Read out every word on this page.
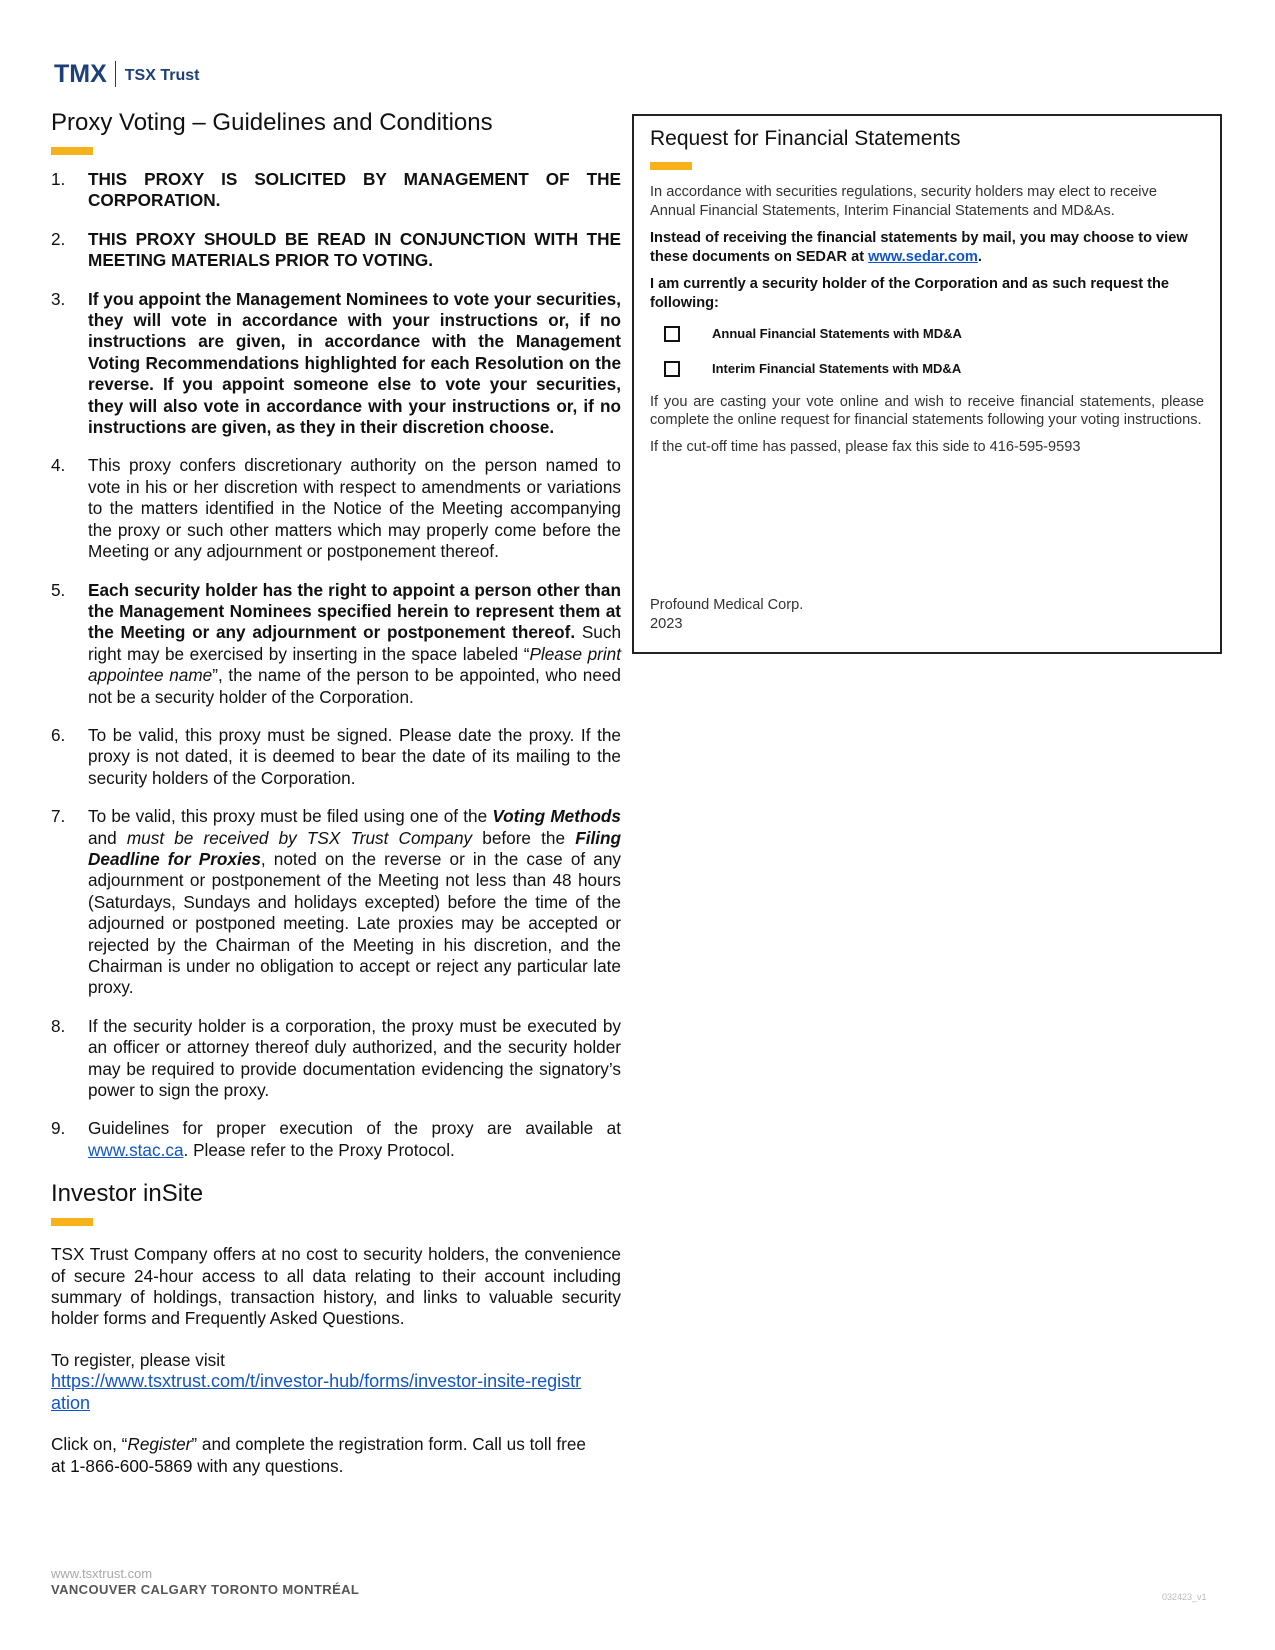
TMX TSX Trust
Proxy Voting – Guidelines and Conditions
1.	THIS PROXY IS SOLICITED BY MANAGEMENT OF THE CORPORATION.
2.	THIS PROXY SHOULD BE READ IN CONJUNCTION WITH THE MEETING MATERIALS PRIOR TO VOTING.
3.	If you appoint the Management Nominees to vote your securities, they will vote in accordance with your instructions or, if no instructions are given, in accordance with the Management Voting Recommendations highlighted for each Resolution on the reverse. If you appoint someone else to vote your securities, they will also vote in accordance with your instructions or, if no instructions are given, as they in their discretion choose.
4.	This proxy confers discretionary authority on the person named to vote in his or her discretion with respect to amendments or variations to the matters identified in the Notice of the Meeting accompanying the proxy or such other matters which may properly come before the Meeting or any adjournment or postponement thereof.
5.	Each security holder has the right to appoint a person other than the Management Nominees specified herein to represent them at the Meeting or any adjournment or postponement thereof. Such right may be exercised by inserting in the space labeled “Please print appointee name”, the name of the person to be appointed, who need not be a security holder of the Corporation.
6.	To be valid, this proxy must be signed. Please date the proxy. If the proxy is not dated, it is deemed to bear the date of its mailing to the security holders of the Corporation.
7.	To be valid, this proxy must be filed using one of the Voting Methods and must be received by TSX Trust Company before the Filing Deadline for Proxies, noted on the reverse or in the case of any adjournment or postponement of the Meeting not less than 48 hours (Saturdays, Sundays and holidays excepted) before the time of the adjourned or postponed meeting. Late proxies may be accepted or rejected by the Chairman of the Meeting in his discretion, and the Chairman is under no obligation to accept or reject any particular late proxy.
8.	If the security holder is a corporation, the proxy must be executed by an officer or attorney thereof duly authorized, and the security holder may be required to provide documentation evidencing the signatory’s power to sign the proxy.
9.	Guidelines for proper execution of the proxy are available at www.stac.ca. Please refer to the Proxy Protocol.
Investor inSite

TSX Trust Company offers at no cost to security holders, the convenience of secure 24-hour access to all data relating to their account including summary of holdings, transaction history, and links to valuable security holder forms and Frequently Asked Questions.

To register, please visit

https://www.tsxtrust.com/t/investor-hub/forms/investor-insite-registration

Click on, “Register” and complete the registration form. Call us toll free at 1-866-600-5869 with any questions.

Request for Financial Statements

In accordance with securities regulations, security holders may elect to receive Annual Financial Statements, Interim Financial Statements and MD&As.

Instead of receiving the financial statements by mail, you may choose to view these documents on SEDAR at www.sedar.com.

I am currently a security holder of the Corporation and as such request the following:

Annual Financial Statements with MD&A
Interim Financial Statements with MD&A

If you are casting your vote online and wish to receive financial statements, please complete the online request for financial statements following your voting instructions.

If the cut-off time has passed, please fax this side to 416-595-9593

Profound Medical Corp.

2023

www.tsxtrust.com
VANCOUVER CALGARY TORONTO MONTRÉAL	032423_v1
